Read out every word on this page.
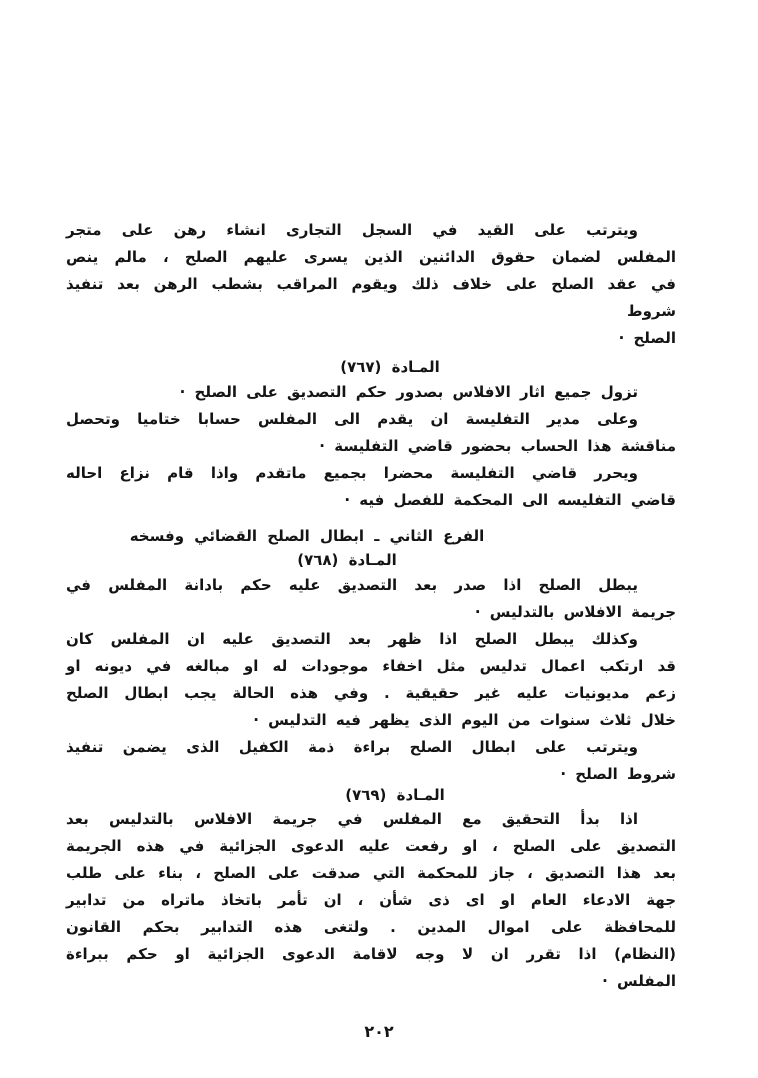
ويترتب على القيد في السجل التجارى انشاء رهن على متجر
المفلس لضمان حقوق الدائنين الذين يسرى عليهم الصلح ، مالم ينص
في عقد الصلح على خلاف ذلك ويقوم المراقب بشطب الرهن بعد تنفيذ شروط
الصلح ·
المـادة (٧٦٧)
تزول جميع اثار الافلاس بصدور حكم التصديق على الصلح ·
وعلى مدير التفليسة ان يقدم الى المفلس حسابا ختاميا وتحصل
مناقشة هذا الحساب بحضور قاضي التفليسة ·
ويحرر قاضي التفليسة محضرا بجميع ماتقدم واذا قام نزاع احاله
قاضي التفليسه الى المحكمة للفصل فيه ·
الفرع الثاني ـ ابطال الصلح القضائي وفسخه
المـادة (٧٦٨)
يبطل الصلح اذا صدر بعد التصديق عليه حكم بادانة المفلس في
جريمة الافلاس بالتدليس ·
وكذلك يبطل الصلح اذا ظهر بعد التصديق عليه ان المفلس كان
قد ارتكب اعمال تدليس مثل اخفاء موجودات له او مبالغه في ديونه او
زعم مديونيات عليه غير حقيقية . وفي هذه الحالة يجب ابطال الصلح
خلال ثلاث سنوات من اليوم الذى يظهر فيه التدليس ·
ويترتب على ابطال الصلح براءة ذمة الكفيل الذى يضمن تنفيذ
شروط الصلح ·
المـادة (٧٦٩)
اذا بدأ التحقيق مع المفلس في جريمة الافلاس بالتدليس بعد
التصديق على الصلح ، او رفعت عليه الدعوى الجزائية في هذه الجريمة
بعد هذا التصديق ، جاز للمحكمة التي صدقت على الصلح ، بناء على طلب
جهة الادعاء العام او اى ذى شأن ، ان تأمر باتخاذ ماتراه من تدابير
للمحافظة على اموال المدين . ولتغى هذه التدابير بحكم القانون
(النظام) اذا تقرر ان لا وجه لاقامة الدعوى الجزائية او حكم ببراءة
المفلس ·
٢٠٢
